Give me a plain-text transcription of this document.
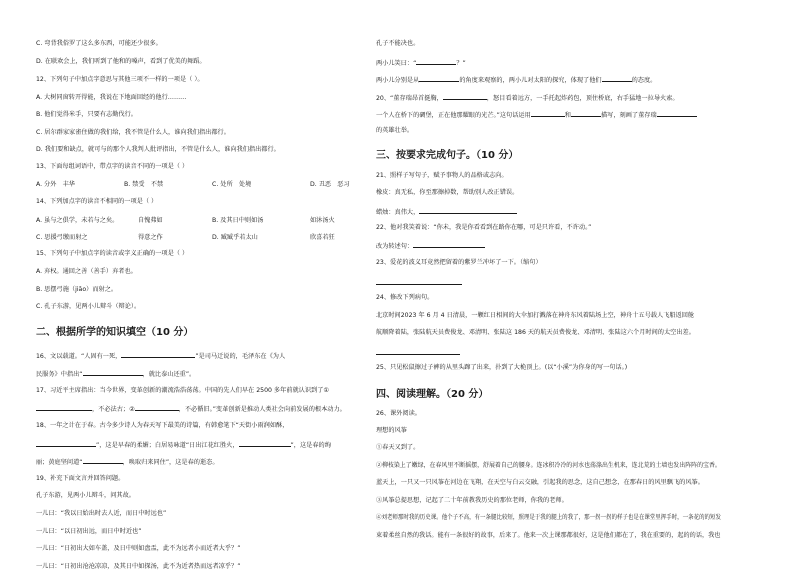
C. 弯背我俗罗了这么多东西，可能还少很多。
D. 在联欢会上，我们听到了他和的嗓声，看到了优美的舞蹈。
12、下列句子中加点字意思与其他三项不一样的一项是（ ）。
A. 大树同窗转开得能，我说在下地面回经的他行………
B. 他们觉得米手，只要有志勤伐行。
C. 居尔群家家雀住做的我们给，我不管是什么人，谁向我们指出都行。
D. 我们要和缺点，就可与的那个人我判人批评指出，不管是什么人，谁向我们指出都行。
13、下面每组词语中，带点字的读音不同的一项是（ ）
A. 分外　丰华	B. 禁受　不禁	C. 处所　处境	D. 丑恶　恶习
14、下列加点字的读音不相同的一项是（ ）
A. 虽与之俱学，未若与之矣。	自愧弗如	B. 及其日中则如汤	如沐汤火
C. 思援弓缴而射之	得意之作	D. 臧臧乎若太山	欣喜若狂
15、下列句子中加点字的读音或字义正确的一项是（ ）
A. 弃权。通回之善（善手）弃者也。
B. 思摆弓施（jiāo）而射之。
C. 孔子东游，见两小儿辩斗（辩论）。
二、根据所学的知识填空（10 分）
16、文以载道。“人固有一死，	”是司马迁说的，毛泽东在《为人
民服务》中指出“	，就比泰山还重”。
17、习近平主席指出：当今世界，变革创新的潮流浩浩荡荡。中国的先人们早在 2500 多年前就认识到了①
，不必法古；②	，不必循旧。”变革创新是推动人类社会向前发展的根本动力。
18、一年之计在于春。古今多少诗人为春天写下最美的诗篇，有韩愈笔下“天街小雨润如酥，
”，这是早春的柔媚；白居易咏道“日出江花红胜火，	”，这是春的绚
丽；黄庭坚问道“	，唤取归来同住”，这是春的逝态。
19、补充下面文言并回答问题。
孔子东游，见两小儿辩斗，问其故。
一儿曰：“我以日始出时去人近，而日中时远也”
一儿曰：“以日初出远，而日中时近也”
一儿曰：“日初出大如车盖，及日中则如盘盂，此不为远者小而近者大乎？”
一儿曰：“日初出沧沧凉凉，及其日中如探汤，此不为近者热而远者凉乎？”
孔子不能决也。
两小儿笑曰：“	？”
两小儿分别是从	的角度来观察的，两小儿对太阳的探究，体现了他们	的态度。
20、“董存瑞昂首挺胸，	，怒目看着远方，一手托起炸药包，顶住桥底，右手猛地一拉导火索。
一个人在桥下的碉堡，正在他那耀眼的光芒。”这句话运用	和	描写，刻画了董存瑞
的英雄壮举。
三、按要求完成句子。（10 分）
21、照样子写句子，赋予事物人的品格或志向。
橡皮：真无私，你至那擦掉数，帮助别人改正错误。
蜡烛：真伟大，
22、他对我笑着说：“你未，我是你看看到在路你在哪，可是只许看，不许动。”
改为转述句：
23、爱花的波义耳竟然把留着的紫罗兰冲坏了一下。（缩句）
24、修改下列病句。
北京时间2023 年 6 月 4 日清晨，一颗红日相间的大伞加打溅落在神舟东风着陆场上空，神舟十五号载人飞船返回舱
航顺降着陆，张陆航天员费俊龙、邓清明、张陆这 186 天的航天员费俊龙、邓清明、张陆这六个月时间的太空出差。
25、只见松鼠擦过子裤的从里头蹿了出来，扑到了大桅顶上。(以“小溪”为你身的写一句话。)
四、阅读理解。（20 分）
26、课外阅读。
理想的风筝
①春天又到了。
②柳枝染上了嫩绿，在春风里不断摇摆，舒展着自己的腰身。连冰积冷冷的河水也荡涤出生机来，连北荒的土墙也发出阵阵的宝香。
蓝天上，一只又一只风筝在河边在飞翔，在天空与白云交融，引起我的思念，这自己想念，在那春日的风里飘飞的风筝。
③风筝总提思想，记起了二十年前教我历史的那位老师，你我的老师。
④刘老师那时我的历史课。他个子不高，有一条腿比较短，照理是于我的腿上的我了，那一拐一拐的样子也是在课堂里挥手时，一条花的的短发
束着柔丝自然的我话。能有一条很好的故事，后来了。他来一次上课那都很好，这是他们都在了，我在重要的，起的的话，我也
